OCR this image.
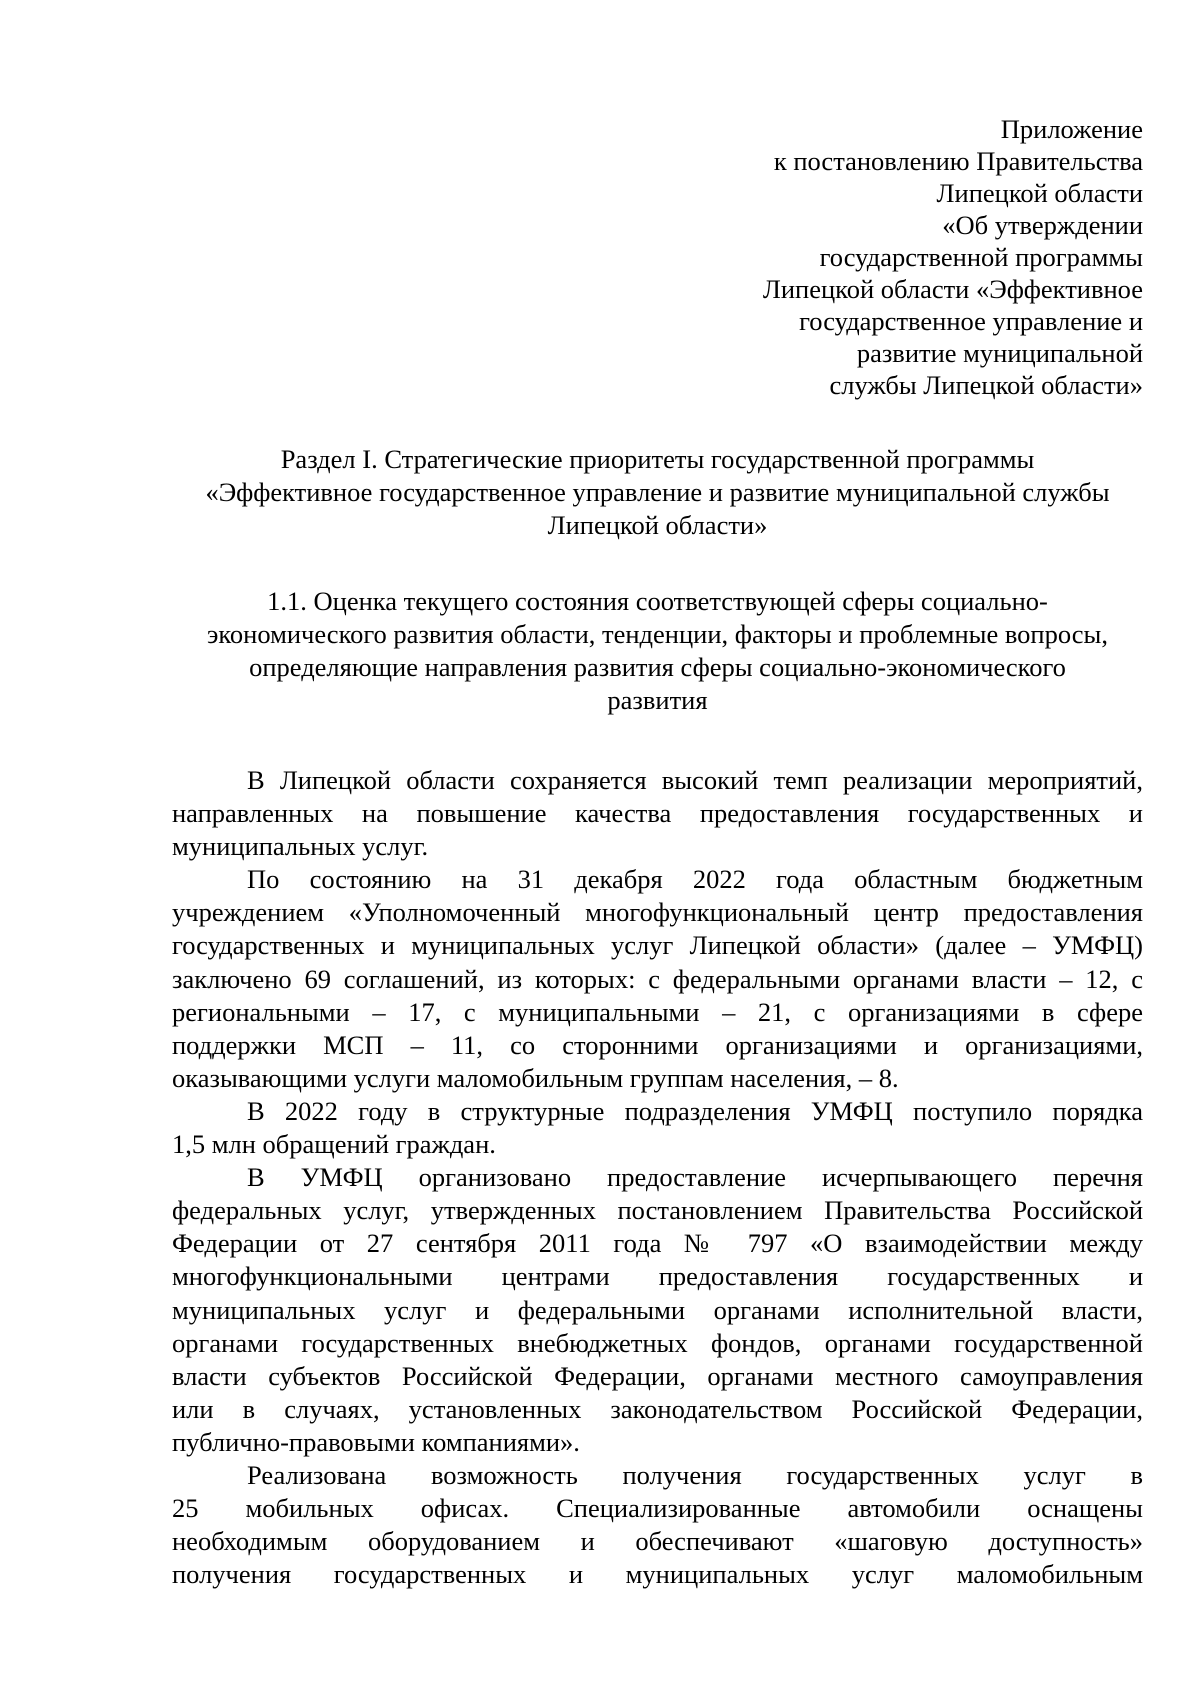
Приложение
к постановлению Правительства
Липецкой области
«Об утверждении
государственной программы
Липецкой области «Эффективное
государственное управление и
развитие муниципальной
службы Липецкой области»
Раздел I. Стратегические приоритеты государственной программы
«Эффективное государственное управление и развитие муниципальной службы
Липецкой области»
1.1. Оценка текущего состояния соответствующей сферы социально-
экономического развития области, тенденции, факторы и проблемные вопросы,
определяющие направления развития сферы социально-экономического
развития
В Липецкой области сохраняется высокий темп реализации мероприятий,
направленных на повышение качества предоставления государственных и
муниципальных услуг.
По состоянию на 31 декабря 2022 года областным бюджетным
учреждением «Уполномоченный многофункциональный центр предоставления
государственных и муниципальных услуг Липецкой области» (далее – УМФЦ)
заключено 69 соглашений, из которых: с федеральными органами власти – 12, с
региональными – 17, с муниципальными – 21, с организациями в сфере
поддержки МСП – 11, со сторонними организациями и организациями,
оказывающими услуги маломобильным группам населения, – 8.
В 2022 году в структурные подразделения УМФЦ поступило порядка
1,5 млн обращений граждан.
В УМФЦ организовано предоставление исчерпывающего перечня
федеральных услуг, утвержденных постановлением Правительства Российской
Федерации от 27 сентября 2011 года № 797 «О взаимодействии между
многофункциональными центрами предоставления государственных и
муниципальных услуг и федеральными органами исполнительной власти,
органами государственных внебюджетных фондов, органами государственной
власти субъектов Российской Федерации, органами местного самоуправления
или в случаях, установленных законодательством Российской Федерации,
публично-правовыми компаниями».
Реализована возможность получения государственных услуг в
25 мобильных офисах. Специализированные автомобили оснащены
необходимым оборудованием и обеспечивают «шаговую доступность»
получения государственных и муниципальных услуг маломобильным
